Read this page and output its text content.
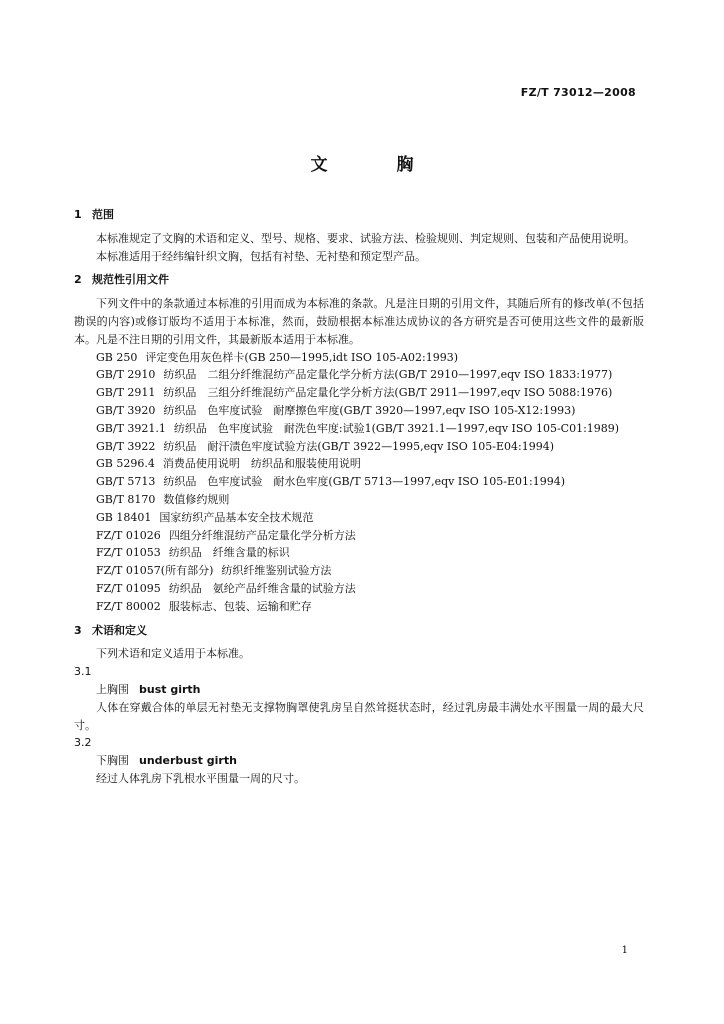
FZ/T 73012—2008
文　胸

1 范围

本标准规定了文胸的术语和定义、型号、规格、要求、试验方法、检验规则、判定规则、包装和产品使用说明。

本标准适用于经纬编针织文胸，包括有衬垫、无衬垫和预定型产品。

2 规范性引用文件

下列文件中的条款通过本标准的引用而成为本标准的条款。凡是注日期的引用文件，其随后所有的修改单(不包括勘误的内容)或修订版均不适用于本标准，然而，鼓励根据本标准达成协议的各方研究是否可使用这些文件的最新版本。凡是不注日期的引用文件，其最新版本适用于本标准。

GB 250 评定变色用灰色样卡(GB 250—1995,idt ISO 105-A02:1993)

GB/T 2910 纺织品　二组分纤维混纺产品定量化学分析方法(GB/T 2910—1997,eqv ISO 1833:1977)

GB/T 2911 纺织品　三组分纤维混纺产品定量化学分析方法(GB/T 2911—1997,eqv ISO 5088:1976)

GB/T 3920 纺织品　色牢度试验　耐摩擦色牢度(GB/T 3920—1997,eqv ISO 105-X12:1993)

GB/T 3921.1 纺织品　色牢度试验　耐洗色牢度:试验1(GB/T 3921.1—1997,eqv ISO 105-C01:1989)

GB/T 3922 纺织品　耐汗渍色牢度试验方法(GB/T 3922—1995,eqv ISO 105-E04:1994)

GB 5296.4 消费品使用说明　纺织品和服装使用说明

GB/T 5713 纺织品　色牢度试验　耐水色牢度(GB/T 5713—1997,eqv ISO 105-E01:1994)

GB/T 8170 数值修约规则

GB 18401 国家纺织产品基本安全技术规范

FZ/T 01026 四组分纤维混纺产品定量化学分析方法

FZ/T 01053 纺织品　纤维含量的标识

FZ/T 01057(所有部分) 纺织纤维鉴别试验方法

FZ/T 01095 纺织品　氨纶产品纤维含量的试验方法

FZ/T 80002 服装标志、包装、运输和贮存

3 术语和定义

下列术语和定义适用于本标准。

3.1

上胸围 bust girth

人体在穿戴合体的单层无衬垫无支撑物胸罩使乳房呈自然耸挺状态时，经过乳房最丰满处水平围量一周的最大尺寸。

3.2

下胸围 underbust girth

经过人体乳房下乳根水平围量一周的尺寸。

1
